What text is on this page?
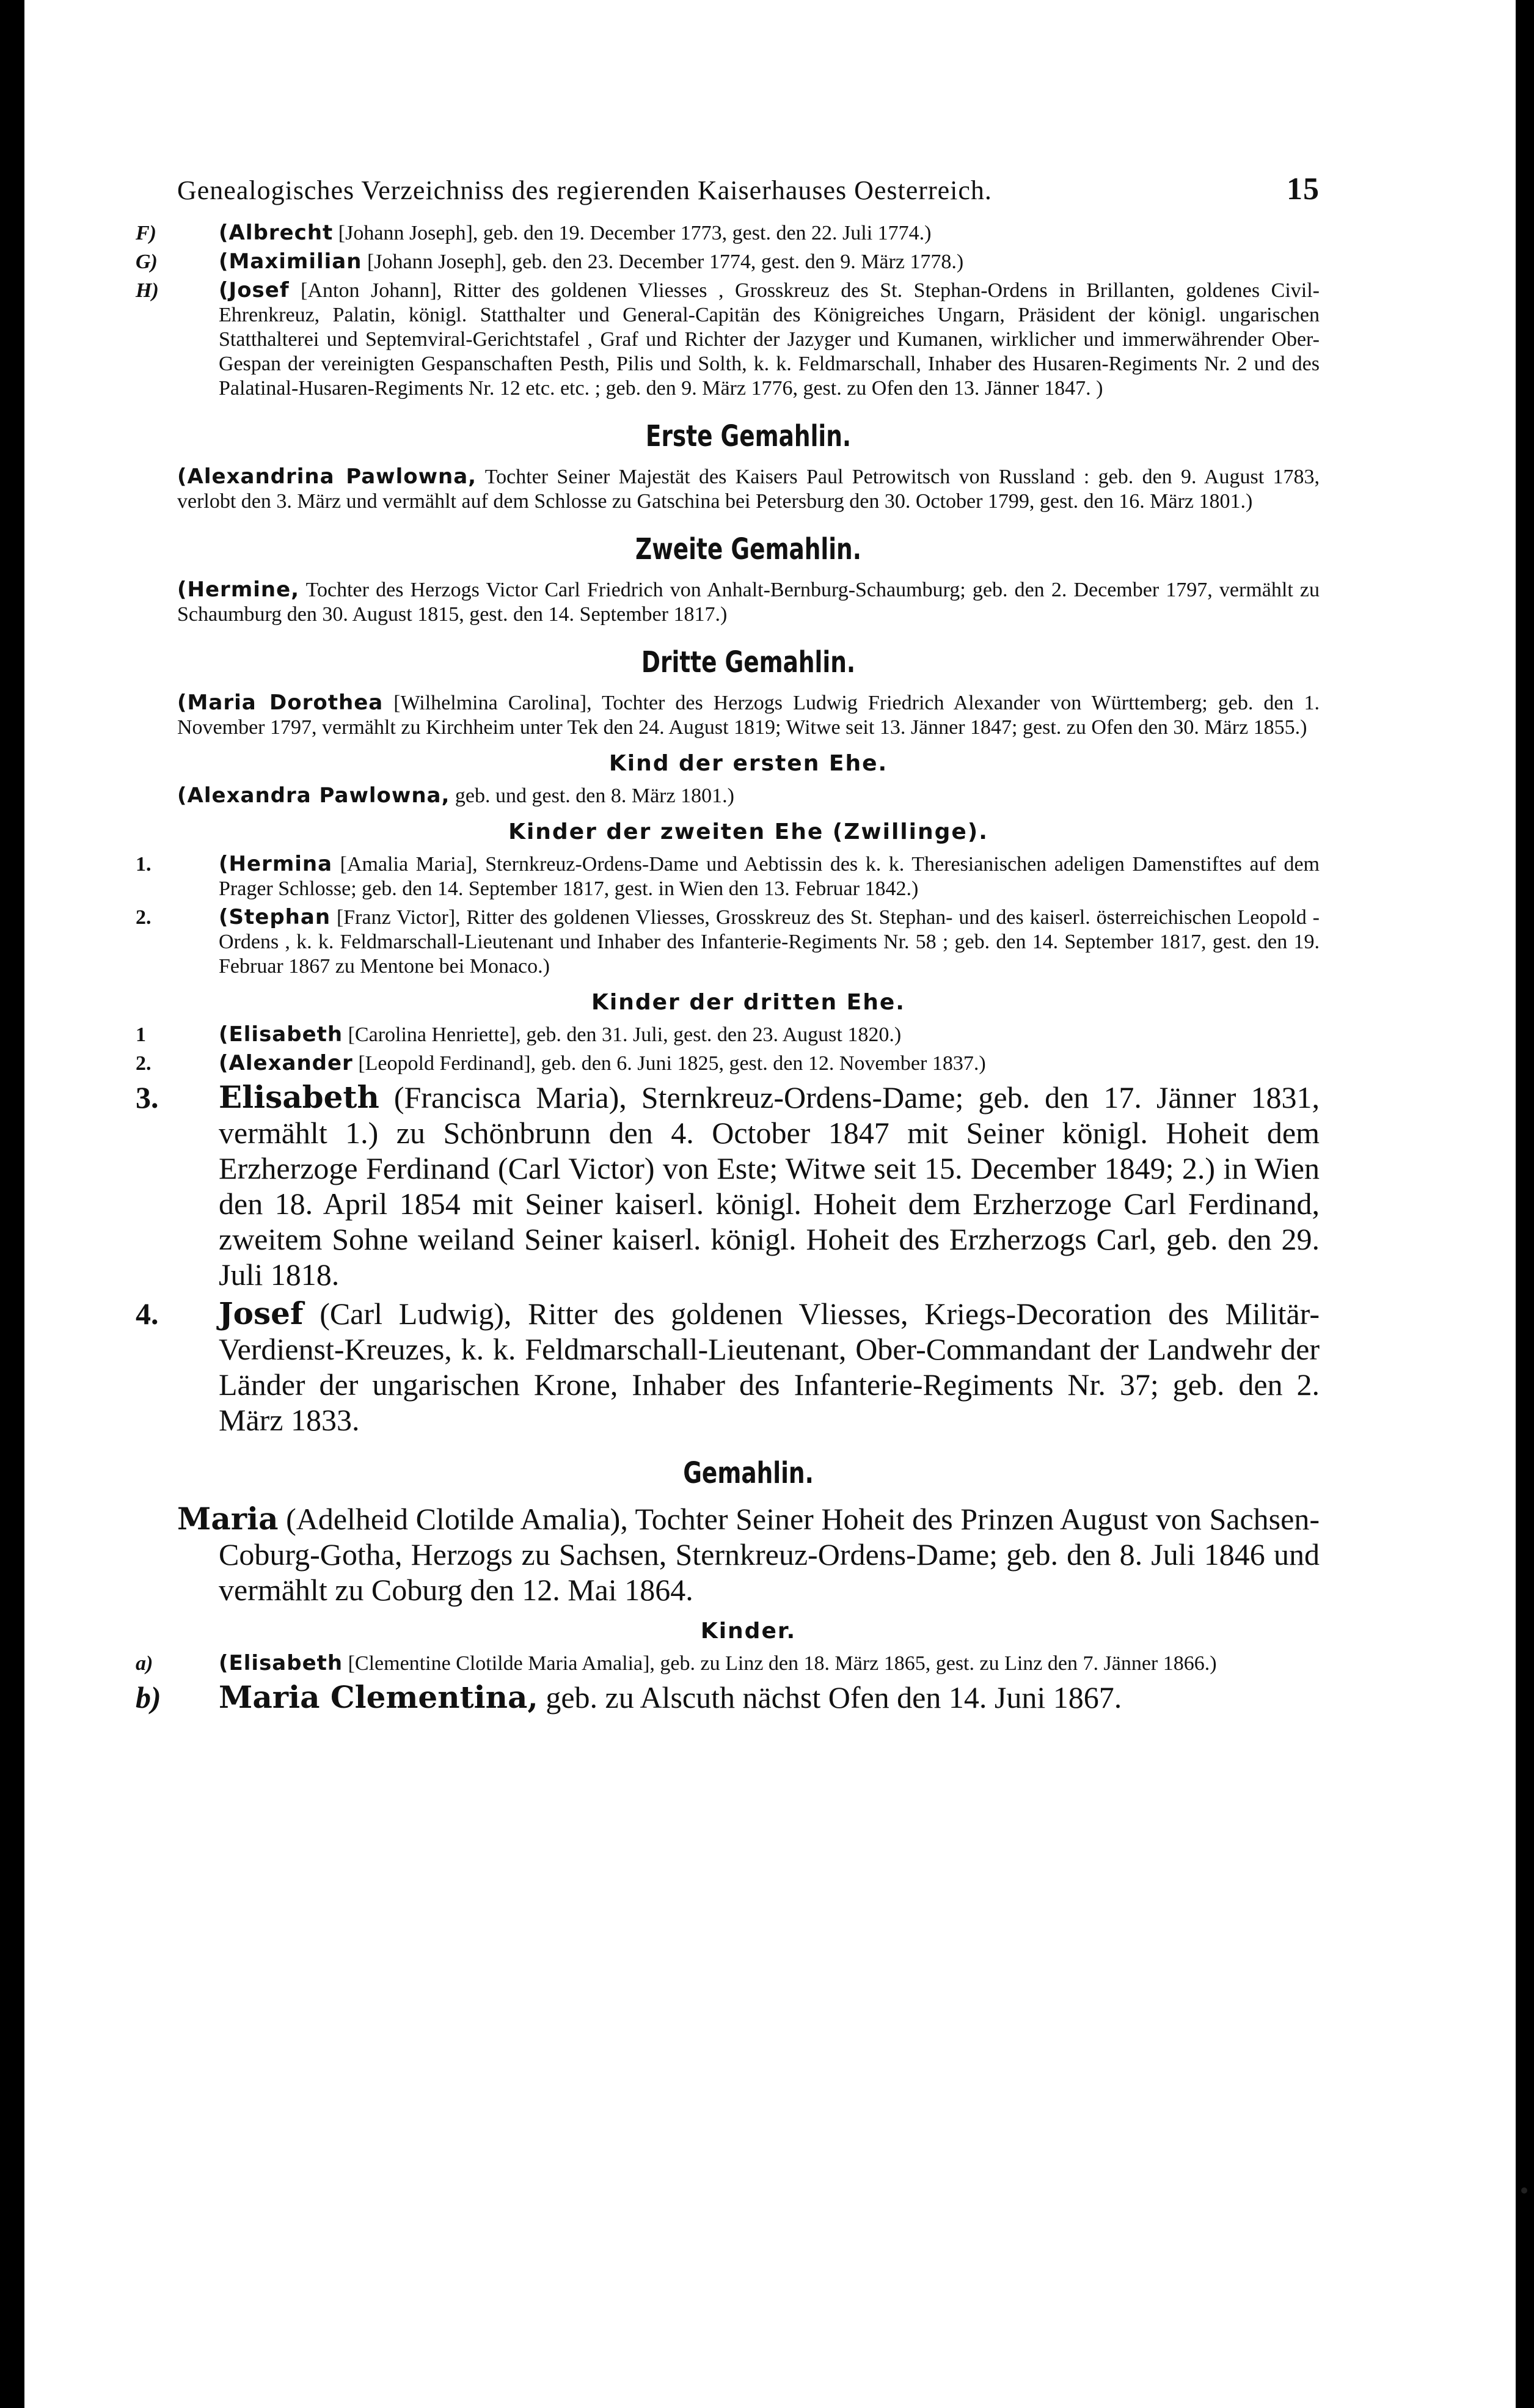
Genealogisches Verzeichniss des regierenden Kaiserhauses Oesterreich.	15
F)	(Albrecht [Johann Joseph], geb. den 19. December 1773, gest. den 22. Juli 1774.)
G)	(Maximilian [Johann Joseph], geb. den 23. December 1774, gest. den 9. März 1778.)
H)	(Josef [Anton Johann], Ritter des goldenen Vliesses , Grosskreuz des St. Stephan-Ordens in Brillanten, goldenes Civil-Ehrenkreuz, Palatin, königl. Statthalter und General-Capitän des Königreiches Ungarn, Präsident der königl. ungarischen Statthalterei und Septemviral-Gerichtstafel , Graf und Richter der Jazyger und Kumanen, wirklicher und immerwährender Ober-Gespan der vereinigten Gespanschaften Pesth, Pilis und Solth, k. k. Feldmarschall, Inhaber des Husaren-Regiments Nr. 2 und des Palatinal-Husaren-Regiments Nr. 12 etc. etc. ; geb. den 9. März 1776, gest. zu Ofen den 13. Jänner 1847. )
Erste Gemahlin.
(Alexandrina Pawlowna, Tochter Seiner Majestät des Kaisers Paul Petrowitsch von Russland : geb. den 9. August 1783, verlobt den 3. März und vermählt auf dem Schlosse zu Gatschina bei Petersburg den 30. October 1799, gest. den 16. März 1801.)
Zweite Gemahlin.
(Hermine, Tochter des Herzogs Victor Carl Friedrich von Anhalt-Bernburg-Schaumburg; geb. den 2. December 1797, vermählt zu Schaumburg den 30. August 1815, gest. den 14. September 1817.)
Dritte Gemahlin.
(Maria Dorothea [Wilhelmina Carolina], Tochter des Herzogs Ludwig Friedrich Alexander von Württemberg; geb. den 1. November 1797, vermählt zu Kirchheim unter Tek den 24. August 1819; Witwe seit 13. Jänner 1847; gest. zu Ofen den 30. März 1855.)
Kind der ersten Ehe.
(Alexandra Pawlowna, geb. und gest. den 8. März 1801.)
Kinder der zweiten Ehe (Zwillinge).
1.	(Hermina [Amalia Maria], Sternkreuz-Ordens-Dame und Aebtissin des k. k. Theresianischen adeligen Damenstiftes auf dem Prager Schlosse; geb. den 14. September 1817, gest. in Wien den 13. Februar 1842.)
2.	(Stephan [Franz Victor], Ritter des goldenen Vliesses, Grosskreuz des St. Stephan- und des kaiserl. österreichischen Leopold - Ordens , k. k. Feldmarschall-Lieutenant und Inhaber des Infanterie-Regiments Nr. 58 ; geb. den 14. September 1817, gest. den 19. Februar 1867 zu Mentone bei Monaco.)
Kinder der dritten Ehe.
1	(Elisabeth [Carolina Henriette], geb. den 31. Juli, gest. den 23. August 1820.)
2.	(Alexander [Leopold Ferdinand], geb. den 6. Juni 1825, gest. den 12. November 1837.)
3. Elisabeth (Francisca Maria), Sternkreuz-Ordens-Dame; geb. den 17. Jänner 1831, vermählt 1.) zu Schönbrunn den 4. October 1847 mit Seiner königl. Hoheit dem Erzherzoge Ferdinand (Carl Victor) von Este; Witwe seit 15. December 1849; 2.) in Wien den 18. April 1854 mit Seiner kaiserl. königl. Hoheit dem Erzherzoge Carl Ferdinand, zweitem Sohne weiland Seiner kaiserl. königl. Hoheit des Erzherzogs Carl, geb. den 29. Juli 1818.
4. Josef (Carl Ludwig), Ritter des goldenen Vliesses, Kriegs-Decoration des Militär-Verdienst-Kreuzes, k. k. Feldmarschall-Lieutenant, Ober-Commandant der Landwehr der Länder der ungarischen Krone, Inhaber des Infanterie-Regiments Nr. 37; geb. den 2. März 1833.
Gemahlin.
Maria (Adelheid Clotilde Amalia), Tochter Seiner Hoheit des Prinzen August von Sachsen-Coburg-Gotha, Herzogs zu Sachsen, Sternkreuz-Ordens-Dame; geb. den 8. Juli 1846 und vermählt zu Coburg den 12. Mai 1864.
Kinder.
a)	(Elisabeth [Clementine Clotilde Maria Amalia], geb. zu Linz den 18. März 1865, gest. zu Linz den 7. Jänner 1866.)
b) Maria Clementina, geb. zu Alscuth nächst Ofen den 14. Juni 1867.
